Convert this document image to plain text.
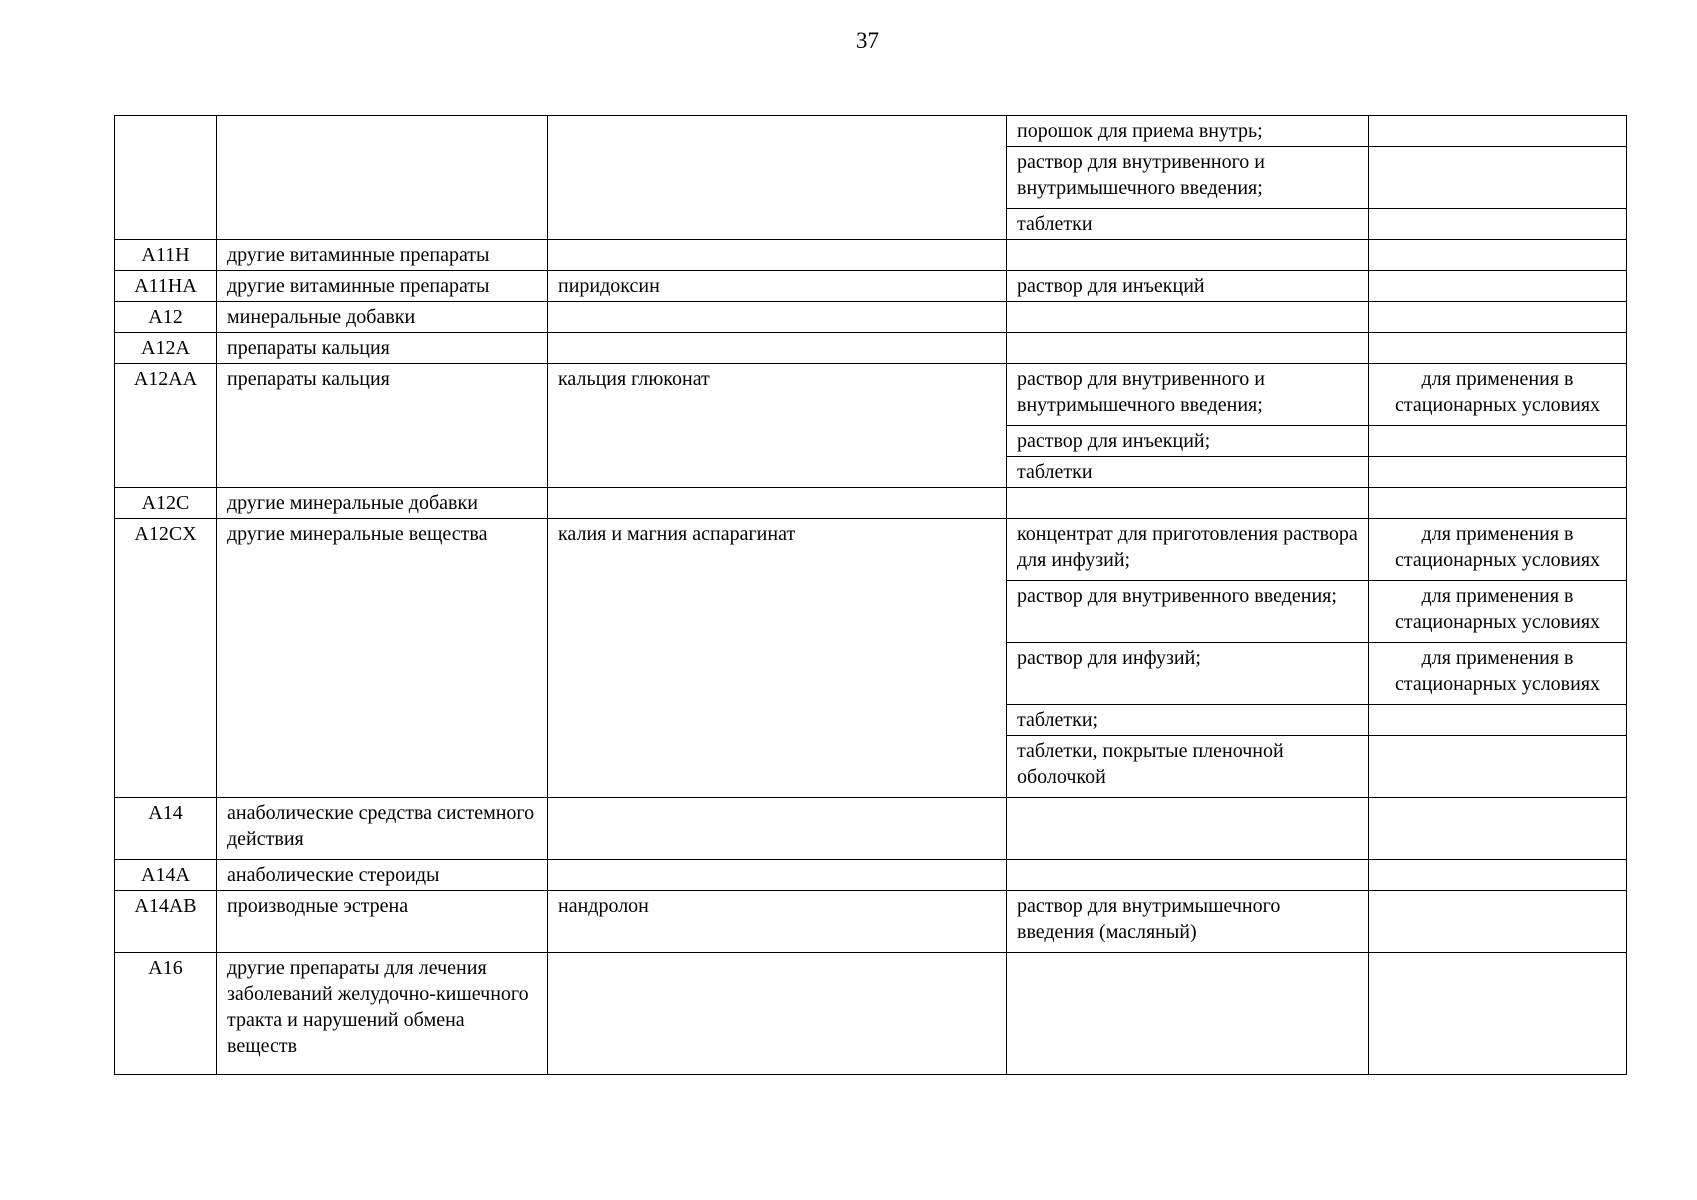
37
			порошок для приема внутрь;	
			раствор для внутривенного и внутримышечного введения;	
			таблетки	
A11H	другие витаминные препараты			
A11HA	другие витаминные препараты	пиридоксин	раствор для инъекций	
A12	минеральные добавки			
A12A	препараты кальция			
A12AA	препараты кальция	кальция глюконат	раствор для внутривенного и внутримышечного введения;	для применения в стационарных условиях
			раствор для инъекций;	
			таблетки	
A12C	другие минеральные добавки			
A12CX	другие минеральные вещества	калия и магния аспарагинат	концентрат для приготовления раствора для инфузий;	для применения в стационарных условиях
			раствор для внутривенного введения;	для применения в стационарных условиях
			раствор для инфузий;	для применения в стационарных условиях
			таблетки;	
			таблетки, покрытые пленочной оболочкой	
A14	анаболические средства системного действия			
A14A	анаболические стероиды			
A14AB	производные эстрена	нандролон	раствор для внутримышечного введения (масляный)	
A16	другие препараты для лечения заболеваний желудочно-кишечного тракта и нарушений обмена веществ			
